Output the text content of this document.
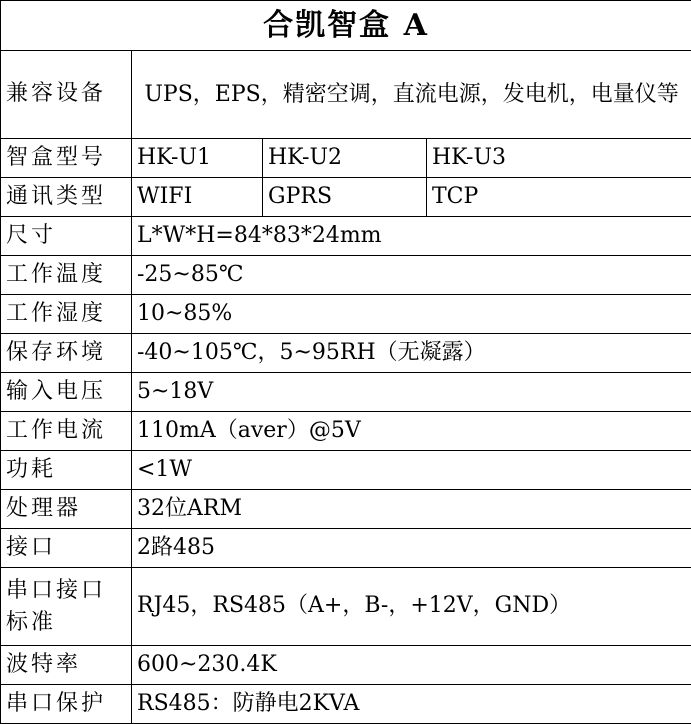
合凯智盒 A			
兼容设备	UPS，EPS，精密空调，直流电源，发电机，电量仪等		
智盒型号	HK-U1	HK-U2	HK-U3
通讯类型	WIFI	GPRS	TCP
尺寸	L*W*H=84*83*24mm		
工作温度	-25~85℃		
工作湿度	10~85%		
保存环境	-40~105℃，5~95RH（无凝露）		
输入电压	5~18V		
工作电流	110mA（aver）@5V		
功耗	<1W		
处理器	32位ARM		
接口	2路485		
串口接口标准	RJ45，RS485（A+，B-，+12V，GND）		
波特率	600~230.4K		
串口保护	RS485：防静电2KVA		
